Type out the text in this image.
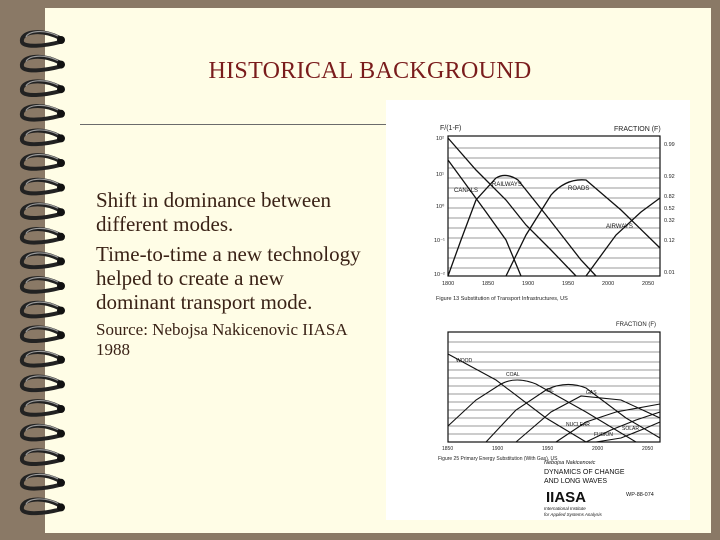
HISTORICAL BACKGROUND

Shift in dominance between different modes.

Time-to-time a new technology helped to create a new dominant transport mode.

Source: Nebojsa Nakicenovic IIASA 1988

F/(1-F)	FRACTION (F)
CANALS
RAILWAYS
ROADS
AIRWAYS
10²
10¹
10⁰
10⁻¹
10⁻²
0.99
0.92
0.82
0.52
0.32
0.12
0.01
1800	1850	1900	1950	2000	2050
Figure 13 Substitution of Transport Infrastructures, US
FRACTION (F)
WOOD
COAL
OIL	GAS
NUCLEAR
FUSION
SOLAR
1850	1900	1950	2000	2050
Figure 25 Primary Energy Substitution (With Gas), US
Nebojsa Nakicenovic
DYNAMICS OF CHANGE
AND LONG WAVES
IIASA	WP-88-074
International Institute
for Applied Systems Analysis
